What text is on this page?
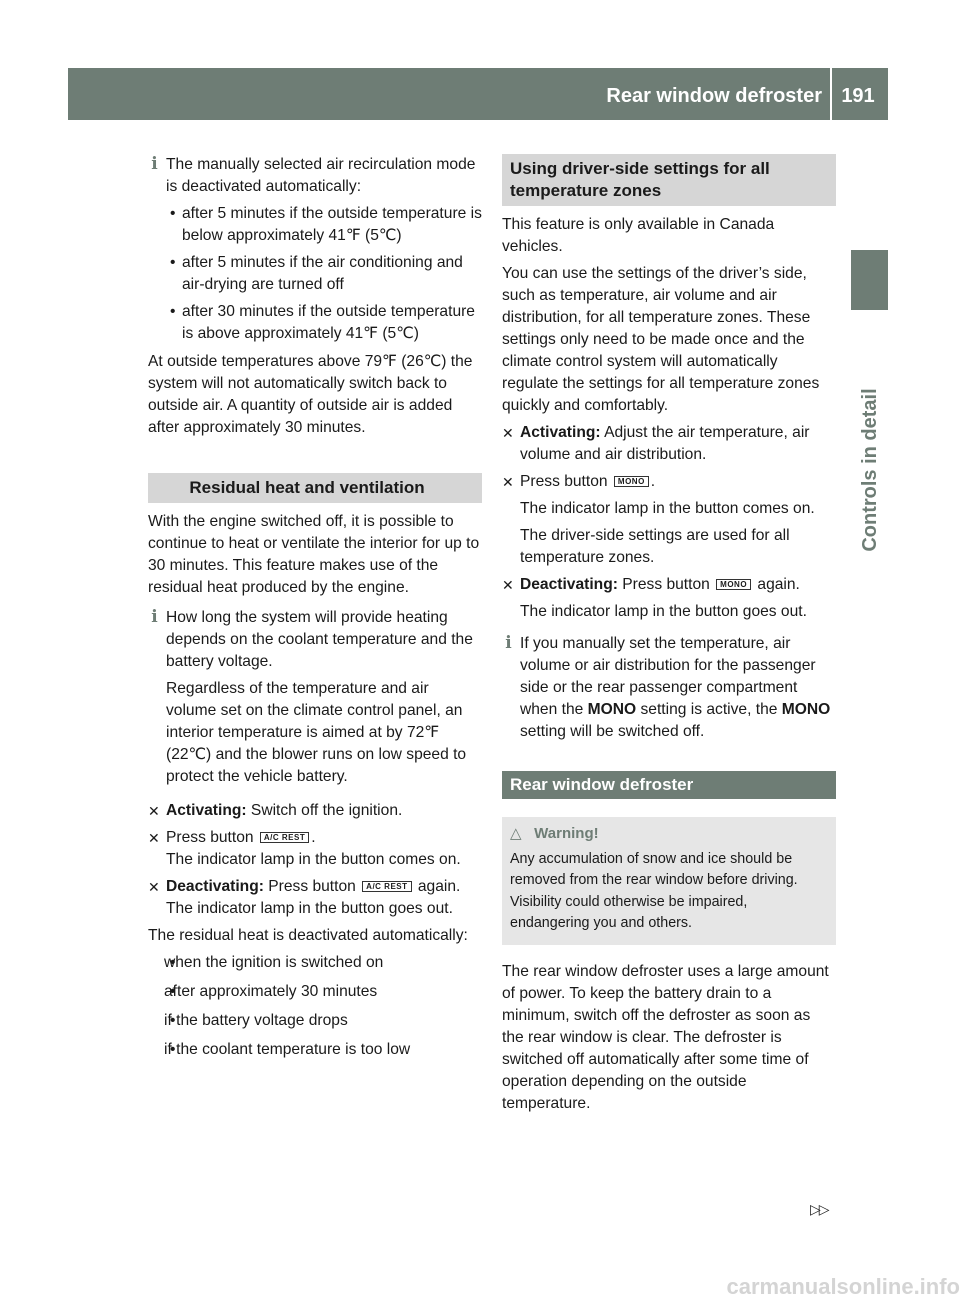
Rear window defroster 191
Controls in detail
i The manually selected air recirculation mode is deactivated automatically:

• after 5 minutes if the outside temperature is below approximately 41℉ (5℃)
• after 5 minutes if the air conditioning and air-drying are turned off
• after 30 minutes if the outside temperature is above approximately 41℉ (5℃)

At outside temperatures above 79℉ (26℃) the system will not automatically switch back to outside air. A quantity of outside air is added after approximately 30 minutes.

Residual heat and ventilation

With the engine switched off, it is possible to continue to heat or ventilate the interior for up to 30 minutes. This feature makes use of the residual heat produced by the engine.

i How long the system will provide heating depends on the coolant temperature and the battery voltage.

Regardless of the temperature and air volume set on the climate control panel, an interior temperature is aimed at by 72℉ (22℃) and the blower runs on low speed to protect the vehicle battery.

✕ Activating: Switch off the ignition.
✕ Press button A/C REST .
The indicator lamp in the button comes on.
✕ Deactivating: Press button A/C REST again.
The indicator lamp in the button goes out.

The residual heat is deactivated automatically:

• when the ignition is switched on
• after approximately 30 minutes
• if the battery voltage drops
• if the coolant temperature is too low
Using driver-side settings for all temperature zones

This feature is only available in Canada vehicles.

You can use the settings of the driver’s side, such as temperature, air volume and air distribution, for all temperature zones. These settings only need to be made once and the climate control system will automatically regulate the settings for all temperature zones quickly and comfortably.

✕ Activating: Adjust the air temperature, air volume and air distribution.
✕ Press button MONO .

The indicator lamp in the button comes on.

The driver-side settings are used for all temperature zones.

✕ Deactivating: Press button MONO again.

The indicator lamp in the button goes out.

i If you manually set the temperature, air volume or air distribution for the passenger side or the rear passenger compartment when the MONO setting is active, the MONO setting will be switched off.
Rear window defroster
△ Warning!
Any accumulation of snow and ice should be removed from the rear window before driving. Visibility could otherwise be impaired, endangering you and others.

The rear window defroster uses a large amount of power. To keep the battery drain to a minimum, switch off the defroster as soon as the rear window is clear. The defroster is switched off automatically after some time of operation depending on the outside temperature.

▷▷
carmanualsonline.info
